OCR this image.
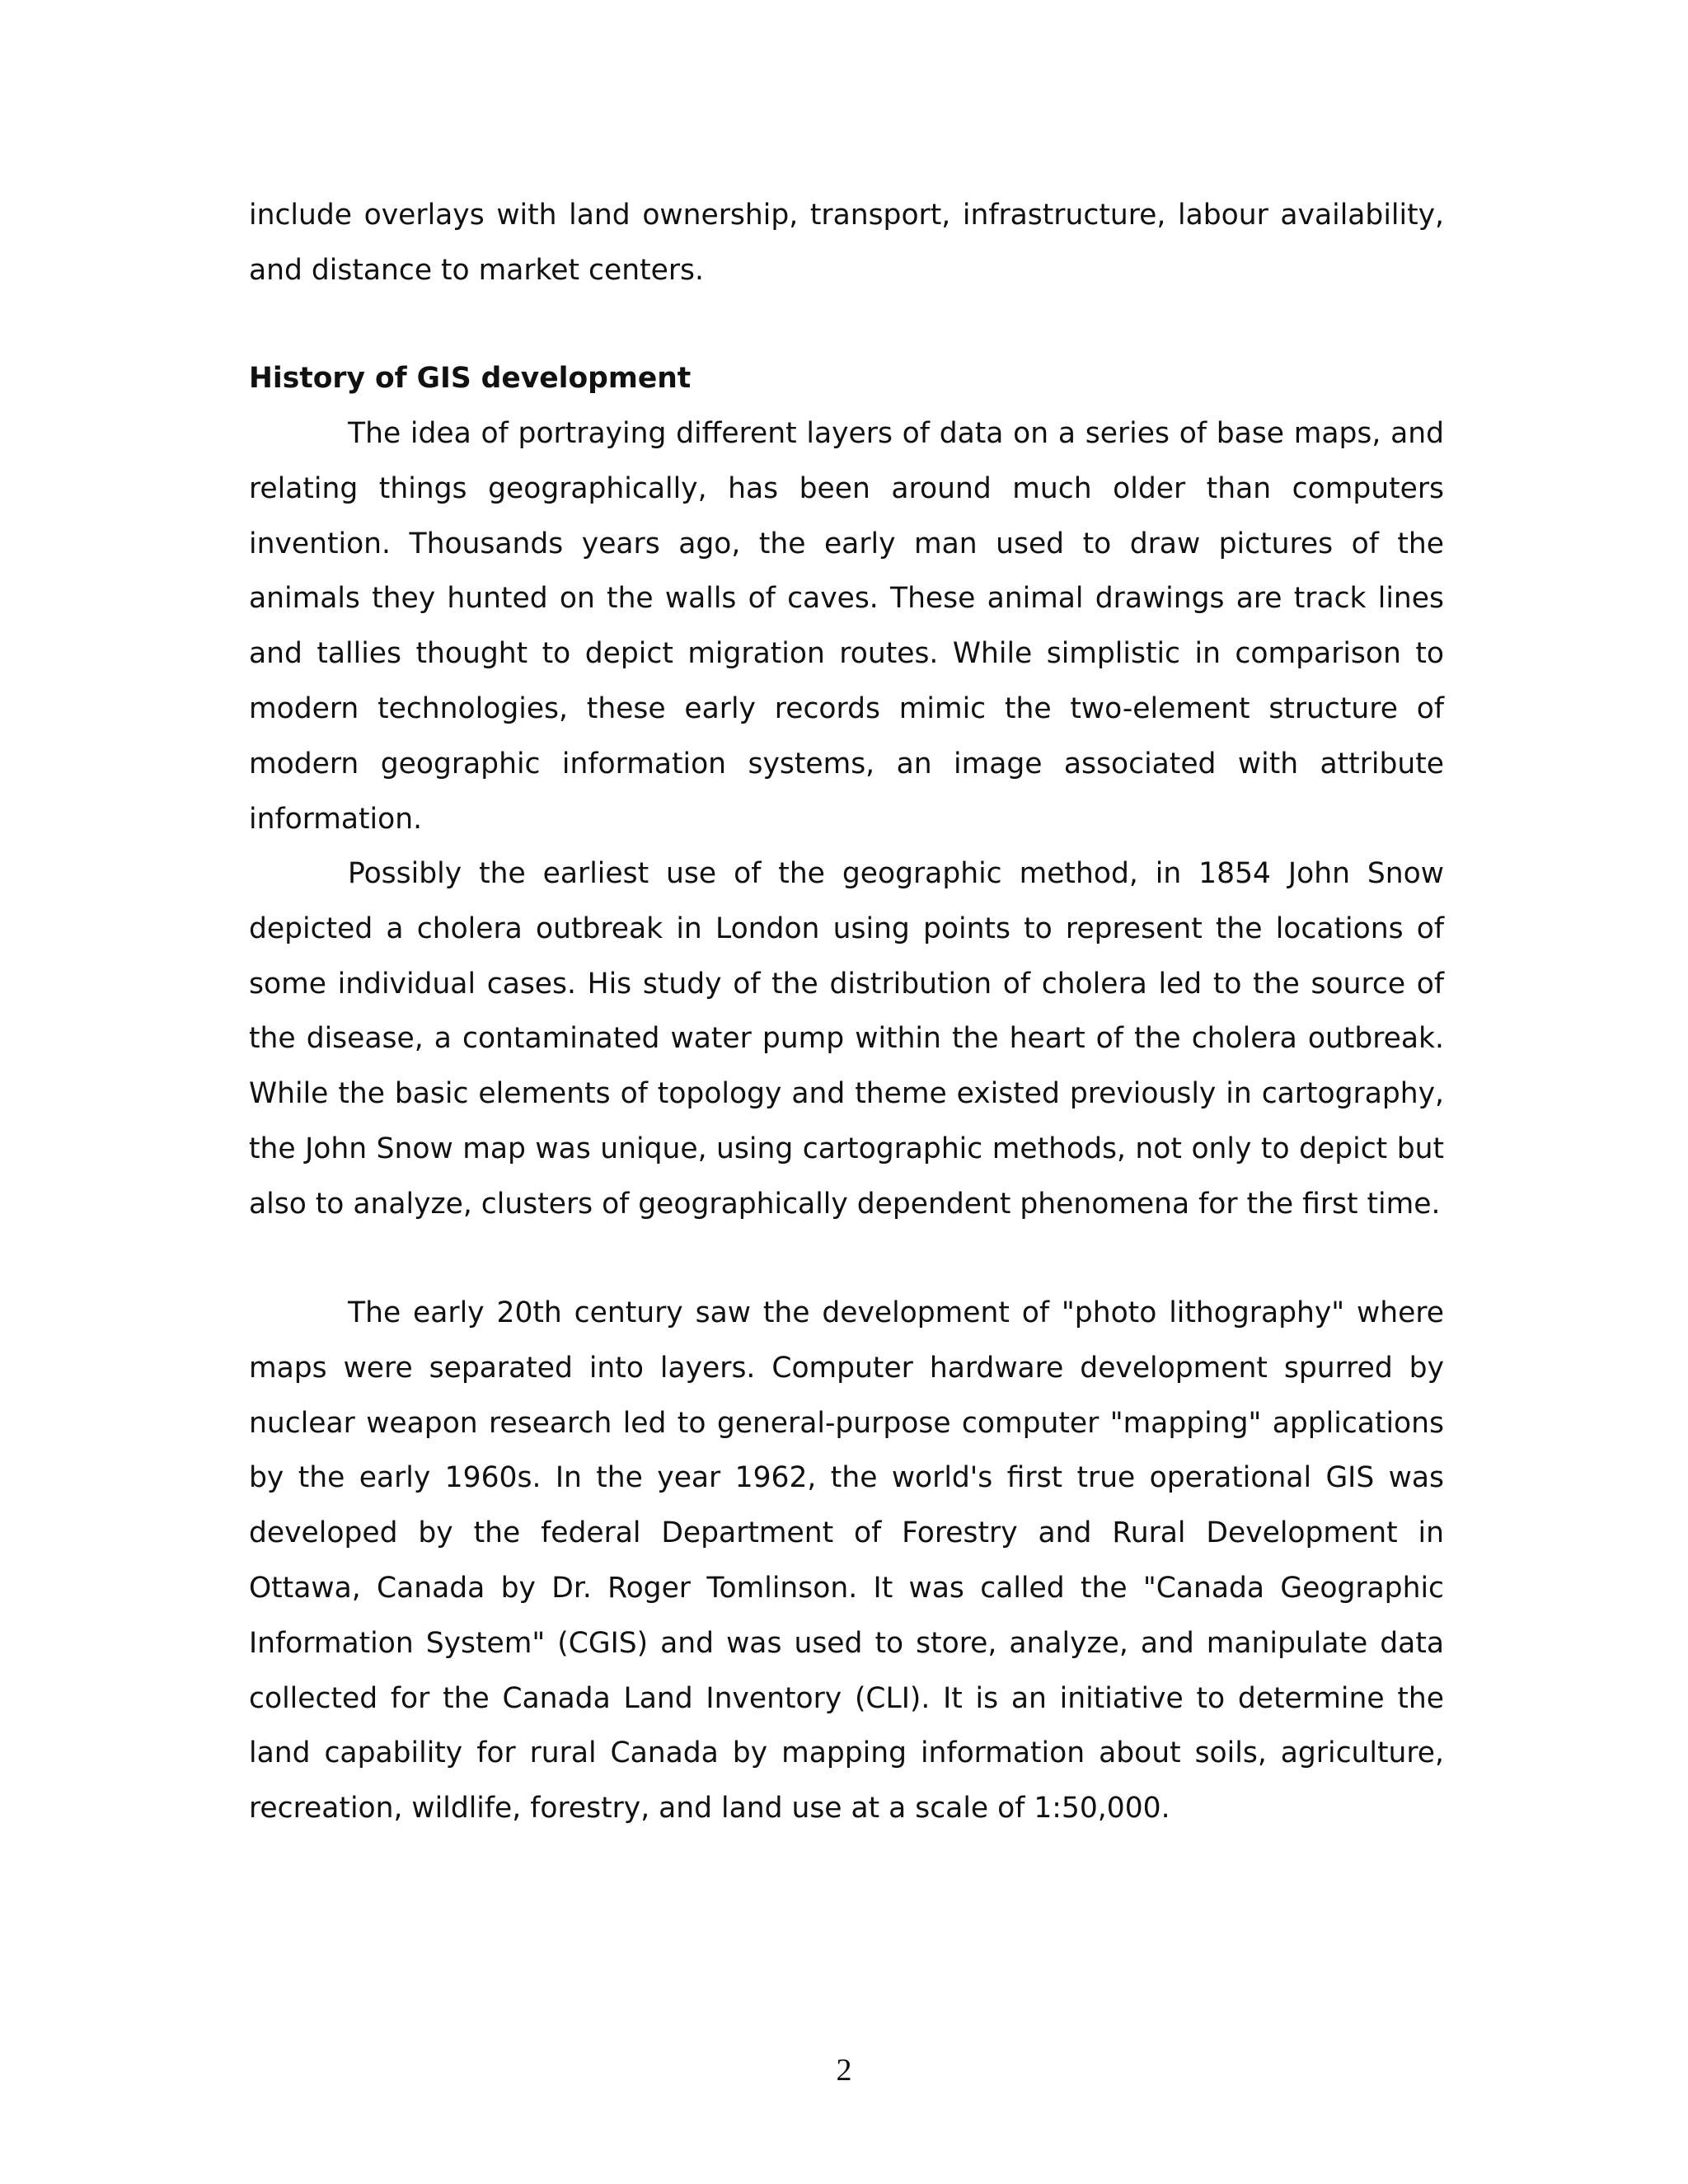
include overlays with land ownership, transport, infrastructure, labour availability, and distance to market centers.

History of GIS development

The idea of portraying different layers of data on a series of base maps, and relating things geographically, has been around much older than computers invention. Thousands years ago, the early man used to draw pictures of the animals they hunted on the walls of caves. These animal drawings are track lines and tallies thought to depict migration routes. While simplistic in comparison to modern technologies, these early records mimic the two-element structure of modern geographic information systems, an image associated with attribute information.

Possibly the earliest use of the geographic method, in 1854 John Snow depicted a cholera outbreak in London using points to represent the locations of some individual cases. His study of the distribution of cholera led to the source of the disease, a contaminated water pump within the heart of the cholera outbreak. While the basic elements of topology and theme existed previously in cartography, the John Snow map was unique, using cartographic methods, not only to depict but also to analyze, clusters of geographically dependent phenomena for the first time.

The early 20th century saw the development of "photo lithography" where maps were separated into layers. Computer hardware development spurred by nuclear weapon research led to general-purpose computer "mapping" applications by the early 1960s. In the year 1962, the world's first true operational GIS was developed by the federal Department of Forestry and Rural Development in Ottawa, Canada by Dr. Roger Tomlinson. It was called the "Canada Geographic Information System" (CGIS) and was used to store, analyze, and manipulate data collected for the Canada Land Inventory (CLI). It is an initiative to determine the land capability for rural Canada by mapping information about soils, agriculture, recreation, wildlife, forestry, and land use at a scale of 1:50,000.

2
